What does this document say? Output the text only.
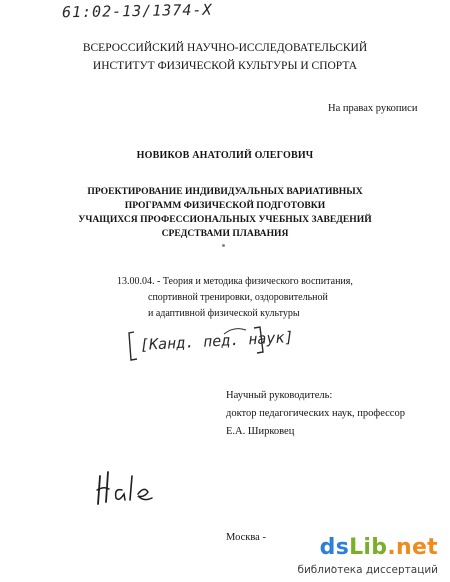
61:02-13/1374-Х
ВСЕРОССИЙСКИЙ НАУЧНО-ИССЛЕДОВАТЕЛЬСКИЙ
ИНСТИТУТ ФИЗИЧЕСКОЙ КУЛЬТУРЫ И СПОРТА
На правах рукописи
НОВИКОВ АНАТОЛИЙ ОЛЕГОВИЧ
ПРОЕКТИРОВАНИЕ ИНДИВИДУАЛЬНЫХ ВАРИАТИВНЫХ
ПРОГРАММ ФИЗИЧЕСКОЙ ПОДГОТОВКИ
УЧАЩИХСЯ ПРОФЕССИОНАЛЬНЫХ УЧЕБНЫХ ЗАВЕДЕНИЙ
СРЕДСТВАМИ ПЛАВАНИЯ
13.00.04. - Теория и методика физического воспитания,
спортивной тренировки, оздоровительной
и адаптивной физической культуры
[Канд. пед. наук]
Научный руководитель:
доктор педагогических наук, профессор
Е.А. Ширковец
Москва - dsLib.net
библиотека диссертаций
